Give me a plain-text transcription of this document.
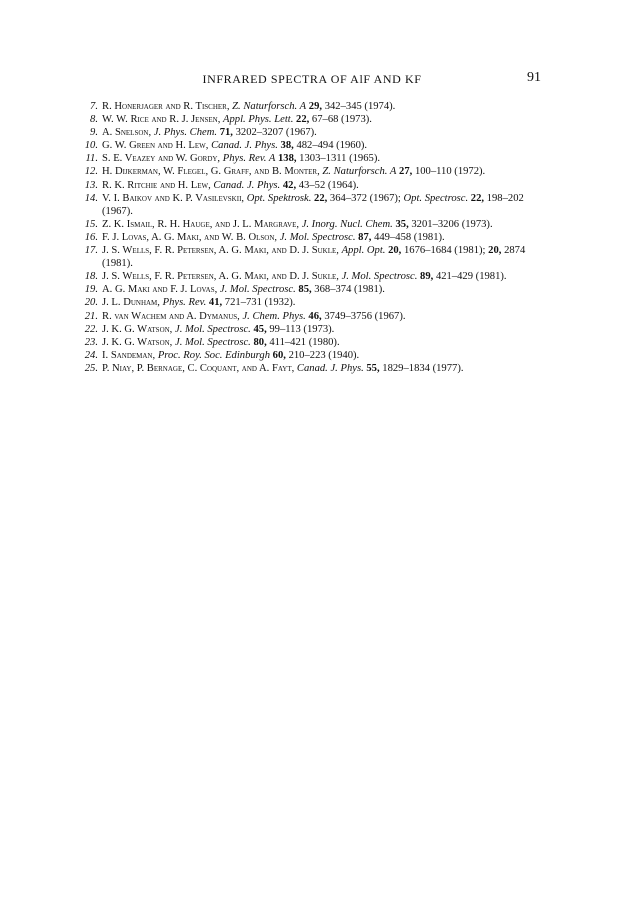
INFRARED SPECTRA OF AlF AND KF	91
7. R. Honerjager and R. Tischer, Z. Naturforsch. A 29, 342–345 (1974).
8. W. W. Rice and R. J. Jensen, Appl. Phys. Lett. 22, 67–68 (1973).
9. A. Snelson, J. Phys. Chem. 71, 3202–3207 (1967).
10. G. W. Green and H. Lew, Canad. J. Phys. 38, 482–494 (1960).
11. S. E. Veazey and W. Gordy, Phys. Rev. A 138, 1303–1311 (1965).
12. H. Dijkerman, W. Flegel, G. Graff, and B. Monter, Z. Naturforsch. A 27, 100–110 (1972).
13. R. K. Ritchie and H. Lew, Canad. J. Phys. 42, 43–52 (1964).
14. V. I. Baikov and K. P. Vasilevskii, Opt. Spektrosk. 22, 364–372 (1967); Opt. Spectrosc. 22, 198–202 (1967).
15. Z. K. Ismail, R. H. Hauge, and J. L. Margrave, J. Inorg. Nucl. Chem. 35, 3201–3206 (1973).
16. F. J. Lovas, A. G. Maki, and W. B. Olson, J. Mol. Spectrosc. 87, 449–458 (1981).
17. J. S. Wells, F. R. Petersen, A. G. Maki, and D. J. Sukle, Appl. Opt. 20, 1676–1684 (1981); 20, 2874 (1981).
18. J. S. Wells, F. R. Petersen, A. G. Maki, and D. J. Sukle, J. Mol. Spectrosc. 89, 421–429 (1981).
19. A. G. Maki and F. J. Lovas, J. Mol. Spectrosc. 85, 368–374 (1981).
20. J. L. Dunham, Phys. Rev. 41, 721–731 (1932).
21. R. van Wachem and A. Dymanus, J. Chem. Phys. 46, 3749–3756 (1967).
22. J. K. G. Watson, J. Mol. Spectrosc. 45, 99–113 (1973).
23. J. K. G. Watson, J. Mol. Spectrosc. 80, 411–421 (1980).
24. I. Sandeman, Proc. Roy. Soc. Edinburgh 60, 210–223 (1940).
25. P. Niay, P. Bernage, C. Coquant, and A. Fayt, Canad. J. Phys. 55, 1829–1834 (1977).
